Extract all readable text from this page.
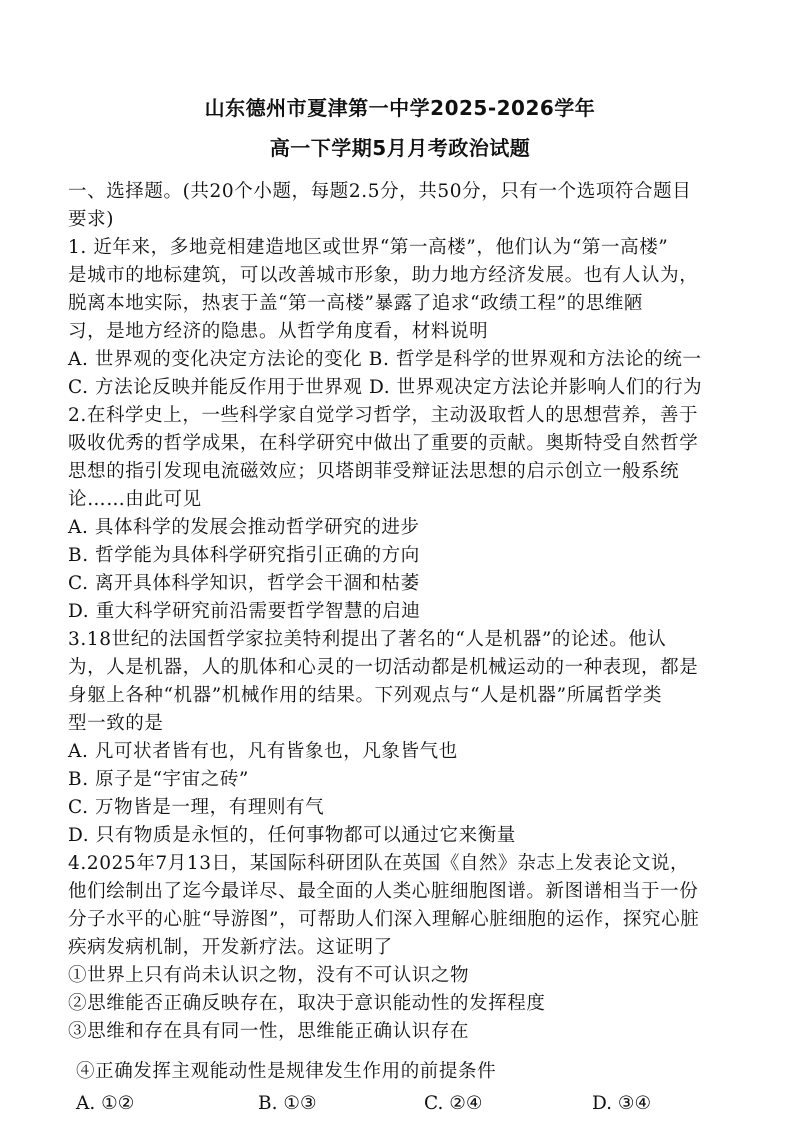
山东德州市夏津第一中学2025-2026学年
高一下学期5月月考政治试题
一、选择题。(共20个小题，每题2.5分，共50分，只有一个选项符合题目
要求)
1. 近年来，多地竞相建造地区或世界“第一高楼”，他们认为“第一高楼”
是城市的地标建筑，可以改善城市形象，助力地方经济发展。也有人认为，
脱离本地实际，热衷于盖“第一高楼”暴露了追求“政绩工程”的思维陋
习，是地方经济的隐患。从哲学角度看，材料说明
A. 世界观的变化决定方法论的变化 B. 哲学是科学的世界观和方法论的统一
C. 方法论反映并能反作用于世界观 D. 世界观决定方法论并影响人们的行为
2.在科学史上，一些科学家自觉学习哲学，主动汲取哲人的思想营养，善于
吸收优秀的哲学成果，在科学研究中做出了重要的贡献。奥斯特受自然哲学
思想的指引发现电流磁效应；贝塔朗菲受辩证法思想的启示创立一般系统
论……由此可见
A. 具体科学的发展会推动哲学研究的进步
B. 哲学能为具体科学研究指引正确的方向
C. 离开具体科学知识，哲学会干涸和枯萎
D. 重大科学研究前沿需要哲学智慧的启迪
3.18世纪的法国哲学家拉美特利提出了著名的“人是机器”的论述。他认
为，人是机器，人的肌体和心灵的一切活动都是机械运动的一种表现，都是
身躯上各种“机器”机械作用的结果。下列观点与“人是机器”所属哲学类
型一致的是
A. 凡可状者皆有也，凡有皆象也，凡象皆气也
B. 原子是“宇宙之砖”
C. 万物皆是一理，有理则有气
D. 只有物质是永恒的，任何事物都可以通过它来衡量
4.2025年7月13日，某国际科研团队在英国《自然》杂志上发表论文说，
他们绘制出了迄今最详尽、最全面的人类心脏细胞图谱。新图谱相当于一份
分子水平的心脏“导游图”，可帮助人们深入理解心脏细胞的运作，探究心脏
疾病发病机制，开发新疗法。这证明了
①世界上只有尚未认识之物，没有不可认识之物
②思维能否正确反映存在，取决于意识能动性的发挥程度
③思维和存在具有同一性，思维能正确认识存在
④正确发挥主观能动性是规律发生作用的前提条件
A. ①②	B. ①③	C. ②④	D. ③④
